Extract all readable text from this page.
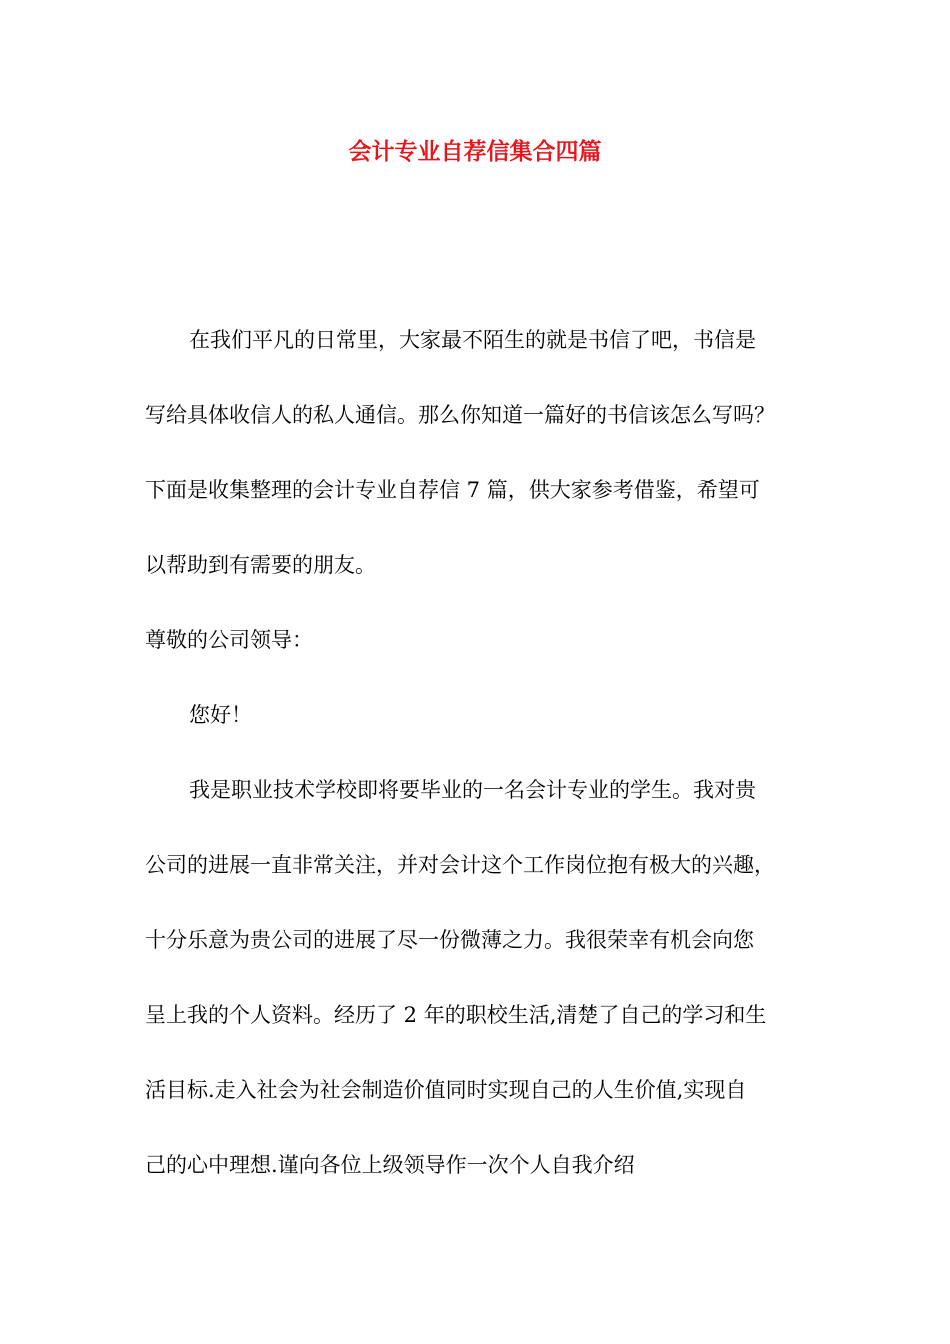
会计专业自荐信集合四篇
在我们平凡的日常里，大家最不陌生的就是书信了吧，书信是
写给具体收信人的私人通信。那么你知道一篇好的书信该怎么写吗？
下面是收集整理的会计专业自荐信 7 篇，供大家参考借鉴，希望可
以帮助到有需要的朋友。
尊敬的公司领导：
您好！
我是职业技术学校即将要毕业的一名会计专业的学生。我对贵
公司的进展一直非常关注，并对会计这个工作岗位抱有极大的兴趣，
十分乐意为贵公司的进展了尽一份微薄之力。我很荣幸有机会向您
呈上我的个人资料。经历了 2 年的职校生活,清楚了自己的学习和生
活目标.走入社会为社会制造价值同时实现自己的人生价值,实现自
己的心中理想.谨向各位上级领导作一次个人自我介绍
